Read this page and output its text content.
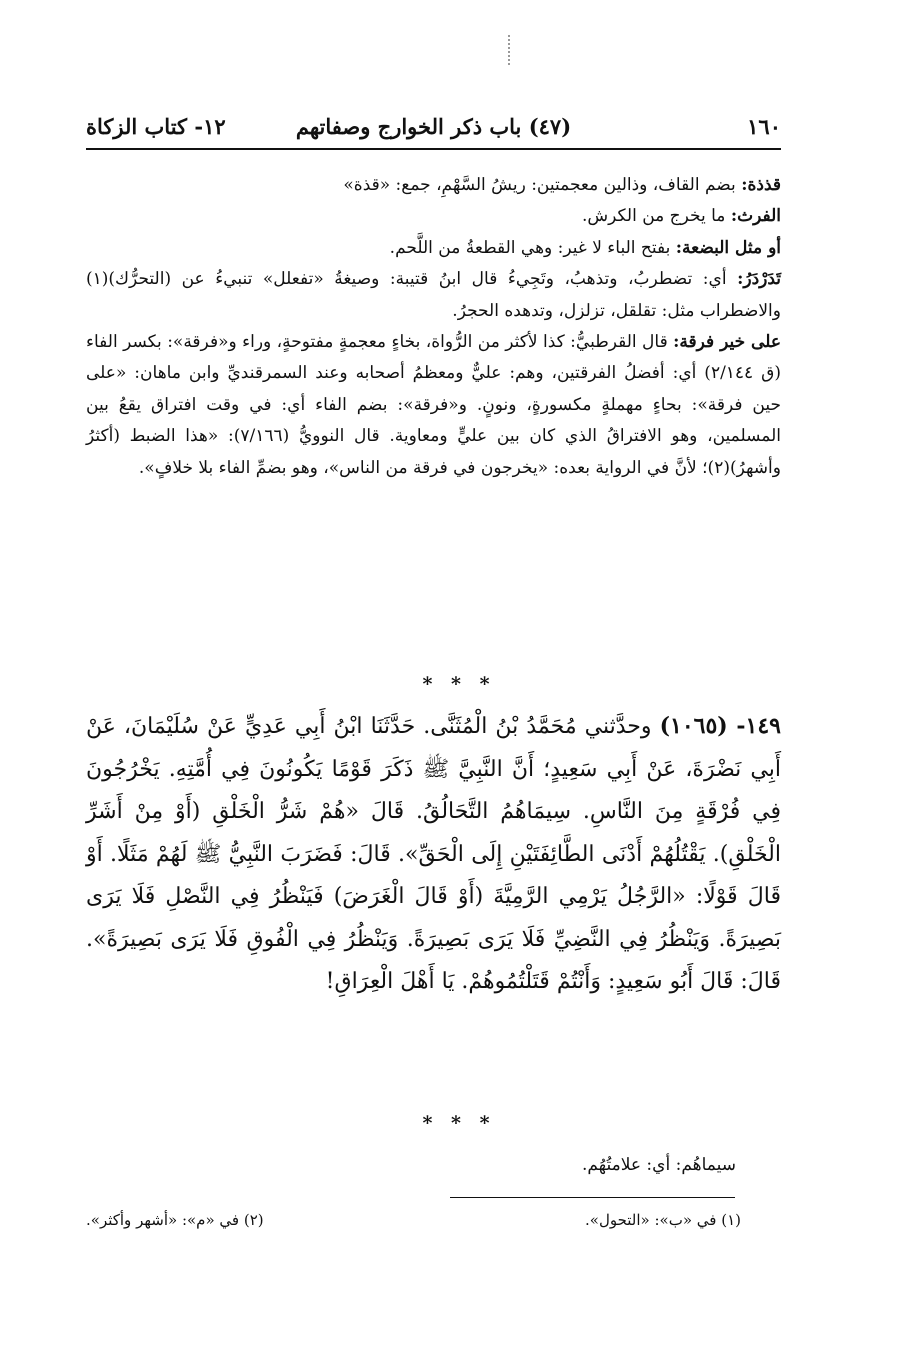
١٦٠
(٤٧) باب ذكر الخوارج وصفاتهم
١٢- كتاب الزكاة

قذذة: بضم القاف، وذالين معجمتين: ريشُ السَّهْمِ، جمع: «قذة»

الفرث: ما يخرج من الكرش.

أو مثل البضعة: بفتح الباء لا غير: وهي القطعةُ من اللَّحم.

تَدَرْدَرُ: أي: تضطربُ، وتذهبُ، وتَجِيءُ قال ابنُ قتيبة: وصيغةُ «تفعلل» تنبيءُ عن (التحرُّك)(١) والاضطراب مثل: تقلقل، تزلزل، وتدهده الحجرُ.

على خير فرقة: قال القرطبيُّ: كذا لأكثر من الرُّواة، بخاءٍ معجمةٍ مفتوحةٍ، وراء و«فرقة»: بكسر الفاء (ق ٢/١٤٤) أي: أفضلُ الفرقتين، وهم: عليٌّ ومعظمُ أصحابه وعند السمرقنديِّ وابن ماهان: «على حين فرقة»: بحاءٍ مهملةٍ مكسورةٍ، ونونٍ. و«فرقة»: بضم الفاء أي: في وقت افتراق يقعُ بين المسلمين، وهو الافتراقُ الذي كان بين عليٍّ ومعاوية. قال النوويُّ (٧/١٦٦): «هذا الضبط (أكثرُ وأشهرُ)(٢)؛ لأنَّ في الرواية بعده: «يخرجون في فرقة من الناس»، وهو بضمِّ الفاء بلا خلافٍ».

* * *

١٤٩- (١٠٦٥) وحدَّثني مُحَمَّدُ بْنُ الْمُثَنَّى. حَدَّثَنَا ابْنُ أَبِي عَدِيٍّ عَنْ سُلَيْمَانَ، عَنْ أَبِي نَضْرَةَ، عَنْ أَبِي سَعِيدٍ؛ أَنَّ النَّبِيَّ ﷺ ذَكَرَ قَوْمًا يَكُونُونَ فِي أُمَّتِهِ. يَخْرُجُونَ فِي فُرْقَةٍ مِنَ النَّاسِ. سِيمَاهُمُ التَّحَالُقُ. قَالَ «هُمْ شَرُّ الْخَلْقِ (أَوْ مِنْ أَشَرِّ الْخَلْقِ). يَقْتُلُهُمْ أَدْنَى الطَّائِفَتَيْنِ إِلَى الْحَقِّ». قَالَ: فَضَرَبَ النَّبِيُّ ﷺ لَهُمْ مَثَلًا. أَوْ قَالَ قَوْلًا: «الرَّجُلُ يَرْمِي الرَّمِيَّةَ (أَوْ قَالَ الْغَرَضَ) فَيَنْظُرُ فِي النَّصْلِ فَلَا يَرَى بَصِيرَةً. وَيَنْظُرُ فِي النَّضِيِّ فَلَا يَرَى بَصِيرَةً. وَيَنْظُرُ فِي الْفُوقِ فَلَا يَرَى بَصِيرَةً». قَالَ: قَالَ أَبُو سَعِيدٍ: وَأَنْتُمْ قَتَلْتُمُوهُمْ. يَا أَهْلَ الْعِرَاقِ!

* * *
سيماهُم: أي: علامتُهُم.
(١) في «ب»: «التحول».
(٢) في «م»: «أشهر وأكثر».
